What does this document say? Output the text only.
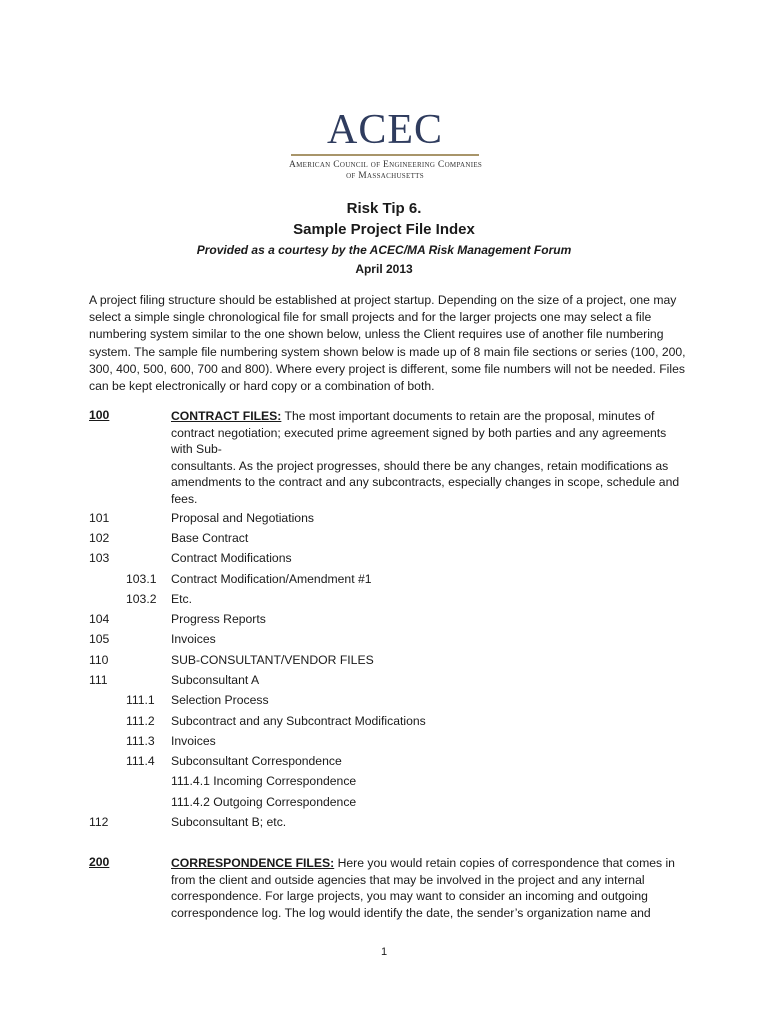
ACEC
American Council of Engineering Companies
of Massachusetts
Risk Tip 6.
Sample Project File Index
Provided as a courtesy by the ACEC/MA Risk Management Forum
April 2013
A project filing structure should be established at project startup. Depending on the size of a project, one may select a simple single chronological file for small projects and for the larger projects one may select a file numbering system similar to the one shown below, unless the Client requires use of another file numbering system. The sample file numbering system shown below is made up of 8 main file sections or series (100, 200, 300, 400, 500, 600, 700 and 800). Where every project is different, some file numbers will not be needed. Files can be kept electronically or hard copy or a combination of both.
100	CONTRACT FILES: The most important documents to retain are the proposal, minutes of contract negotiation; executed prime agreement signed by both parties and any agreements with Sub-
consultants. As the project progresses, should there be any changes, retain modifications as amendments to the contract and any subcontracts, especially changes in scope, schedule and fees.
101	Proposal and Negotiations
102	Base Contract
103	Contract Modifications
103.1 Contract Modification/Amendment #1
103.2 Etc.
104	Progress Reports
105	Invoices
110	SUB-CONSULTANT/VENDOR FILES
111	Subconsultant A
111.1 Selection Process
111.2 Subcontract and any Subcontract Modifications
111.3 Invoices
111.4 Subconsultant Correspondence
111.4.1 Incoming Correspondence
111.4.2 Outgoing Correspondence
112	Subconsultant B; etc.
200	CORRESPONDENCE FILES: Here you would retain copies of correspondence that comes in from the client and outside agencies that may be involved in the project and any internal correspondence. For large projects, you may want to consider an incoming and outgoing correspondence log. The log would identify the date, the sender’s organization name and
1
